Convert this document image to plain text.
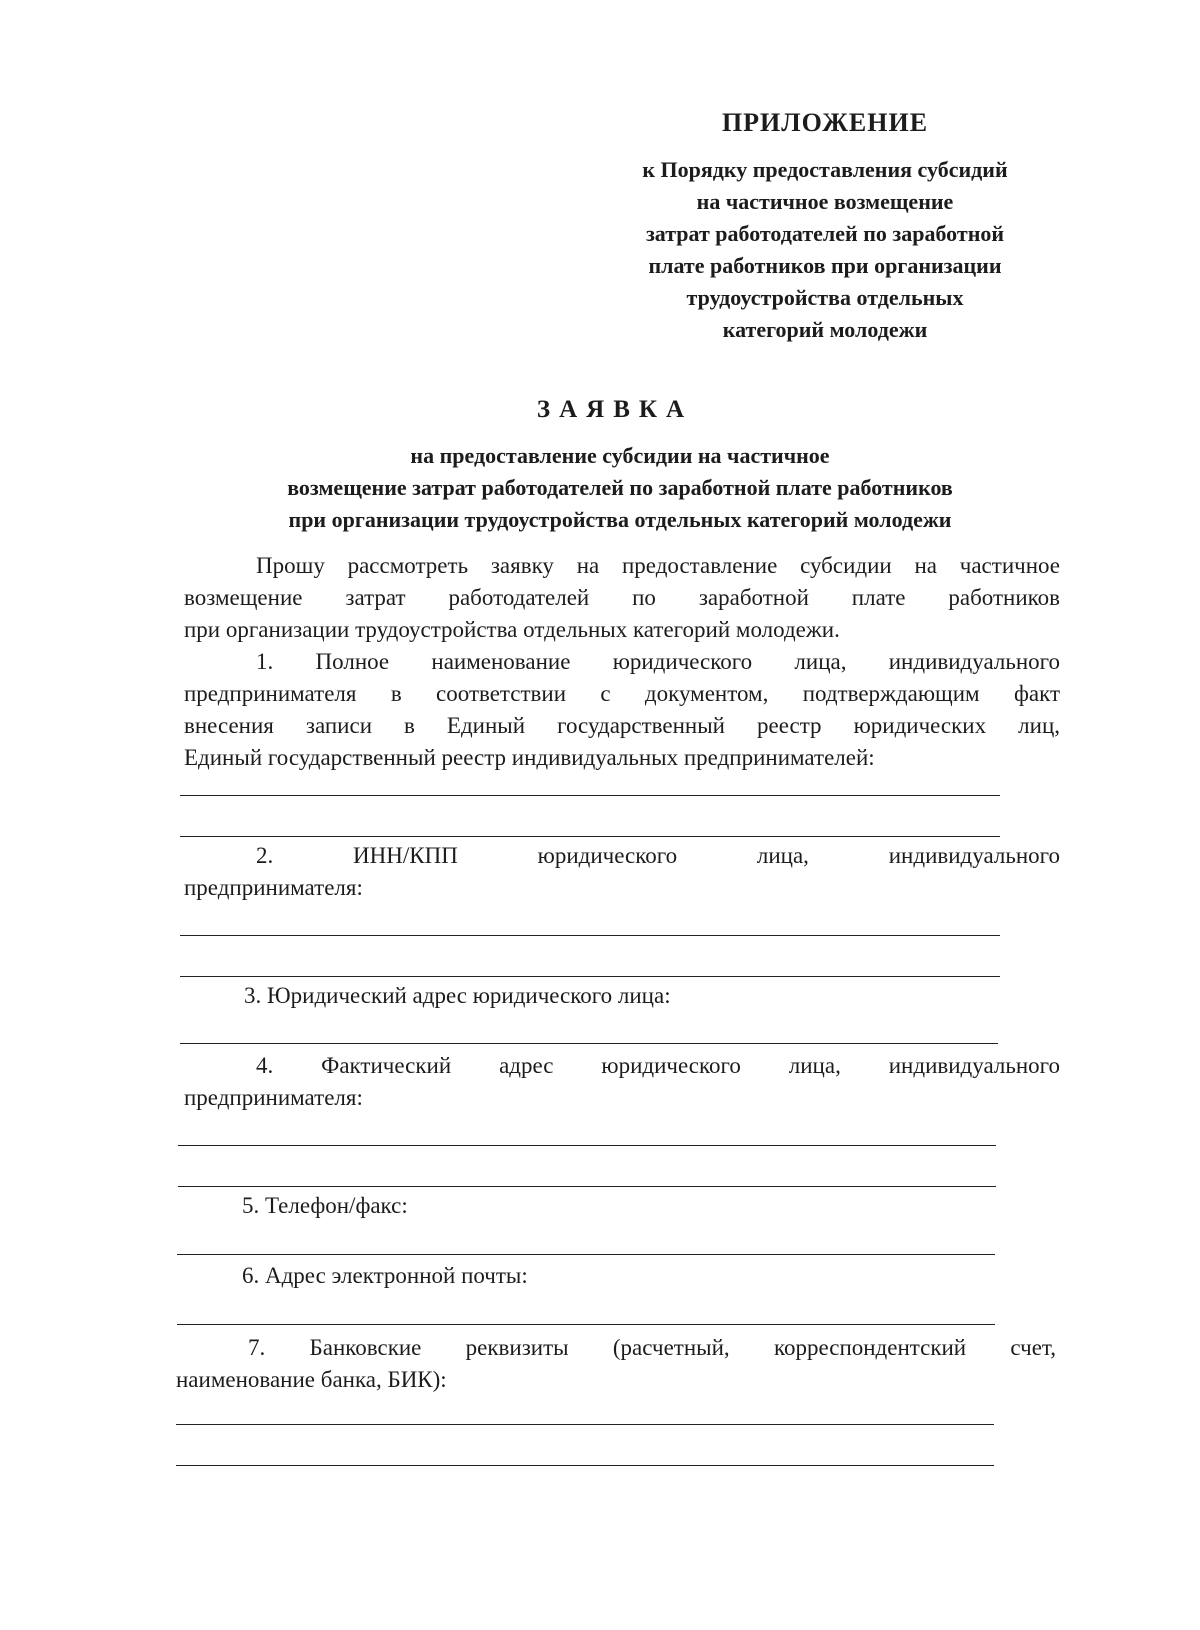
ПРИЛОЖЕНИЕ
к Порядку предоставления субсидий
на частичное возмещение
затрат работодателей по заработной
плате работников при организации
трудоустройства отдельных
категорий молодежи
ЗАЯВКА
на предоставление субсидии на частичное
возмещение затрат работодателей по заработной плате работников
при организации трудоустройства отдельных категорий молодежи
Прошу рассмотреть заявку на предоставление субсидии на частичное
возмещение затрат работодателей по заработной плате работников
при организации трудоустройства отдельных категорий молодежи.
1. Полное наименование юридического лица, индивидуального
предпринимателя в соответствии с документом, подтверждающим факт
внесения записи в Единый государственный реестр юридических лиц,
Единый государственный реестр индивидуальных предпринимателей:
2. ИНН/КПП юридического лица, индивидуального
предпринимателя:
3. Юридический адрес юридического лица:
4. Фактический адрес юридического лица, индивидуального
предпринимателя:
5. Телефон/факс:
6. Адрес электронной почты:
7. Банковские реквизиты (расчетный, корреспондентский счет,
наименование банка, БИК):
